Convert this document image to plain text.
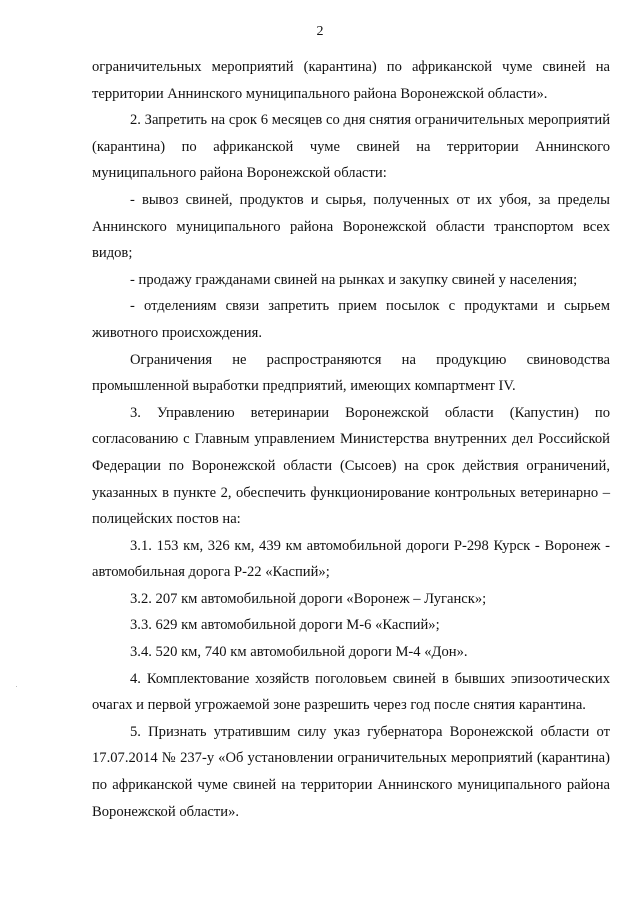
2

ограничительных мероприятий (карантина) по африканской чуме свиней на территории Аннинского муниципального района Воронежской области».

2. Запретить на срок 6 месяцев со дня снятия ограничительных мероприятий (карантина) по африканской чуме свиней на территории Аннинского муниципального района Воронежской области:

- вывоз свиней, продуктов и сырья, полученных от их убоя, за пределы Аннинского муниципального района Воронежской области транспортом всех видов;

- продажу гражданами свиней на рынках и закупку свиней у населения;

- отделениям связи запретить прием посылок с продуктами и сырьем животного происхождения.

Ограничения не распространяются на продукцию свиноводства промышленной выработки предприятий, имеющих компартмент IV.

3. Управлению ветеринарии Воронежской области (Капустин) по согласованию с Главным управлением Министерства внутренних дел Российской Федерации по Воронежской области (Сысоев) на срок действия ограничений, указанных в пункте 2, обеспечить функционирование контрольных ветеринарно – полицейских постов на:

3.1. 153 км, 326 км, 439 км автомобильной дороги Р-298 Курск - Воронеж - автомобильная дорога Р-22 «Каспий»;

3.2. 207 км автомобильной дороги «Воронеж – Луганск»;

3.3. 629 км автомобильной дороги М-6 «Каспий»;

3.4. 520 км, 740 км автомобильной дороги М-4 «Дон».

4. Комплектование хозяйств поголовьем свиней в бывших эпизоотических очагах и первой угрожаемой зоне разрешить через год после снятия карантина.

5. Признать утратившим силу указ губернатора Воронежской области от 17.07.2014 № 237-у «Об установлении ограничительных мероприятий (карантина) по африканской чуме свиней на территории Аннинского муниципального района Воронежской области».
